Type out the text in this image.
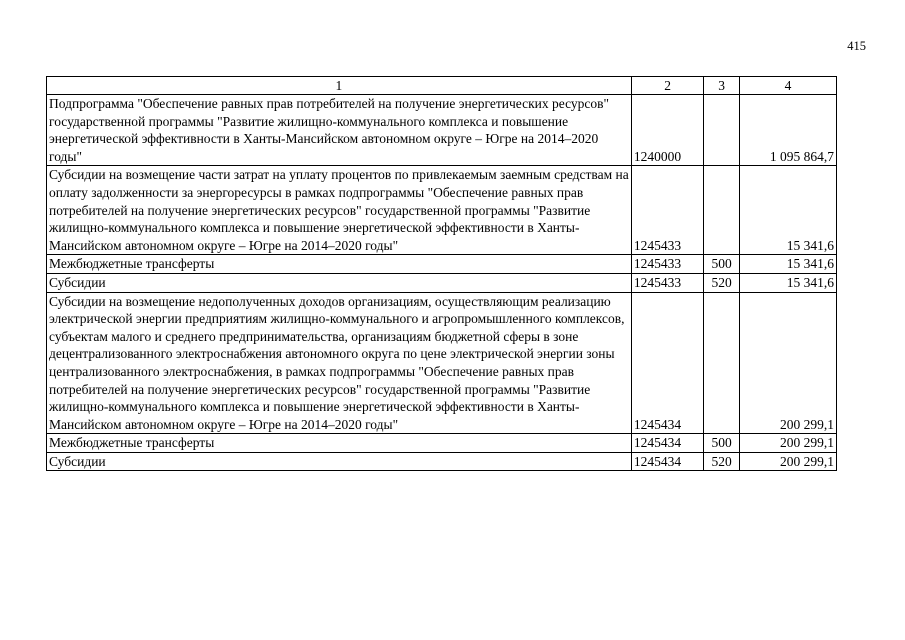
415
1	2	3	4
Подпрограмма "Обеспечение равных прав потребителей на получение энергетических ресурсов" государственной программы "Развитие жилищно-коммунального комплекса и повышение энергетической эффективности в Ханты-Мансийском автономном округе – Югре на 2014–2020 годы"	1240000		1 095 864,7
Субсидии на возмещение части затрат на уплату процентов по привлекаемым заемным средствам на оплату задолженности за энергоресурсы в рамках подпрограммы "Обеспечение равных прав потребителей на получение энергетических ресурсов" государственной программы "Развитие жилищно-коммунального комплекса и повышение энергетической эффективности в Ханты-Мансийском автономном округе – Югре на 2014–2020 годы"	1245433		15 341,6
Межбюджетные трансферты	1245433	500	15 341,6
Субсидии	1245433	520	15 341,6
Субсидии на возмещение недополученных доходов организациям, осуществляющим реализацию электрической энергии предприятиям жилищно-коммунального и агропромышленного комплексов, субъектам малого и среднего предпринимательства, организациям бюджетной сферы в зоне децентрализованного электроснабжения автономного округа по цене электрической энергии зоны централизованного электроснабжения, в рамках подпрограммы "Обеспечение равных прав потребителей на получение энергетических ресурсов" государственной программы "Развитие жилищно-коммунального комплекса и повышение энергетической эффективности в Ханты-Мансийском автономном округе – Югре на 2014–2020 годы"	1245434		200 299,1
Межбюджетные трансферты	1245434	500	200 299,1
Субсидии	1245434	520	200 299,1
